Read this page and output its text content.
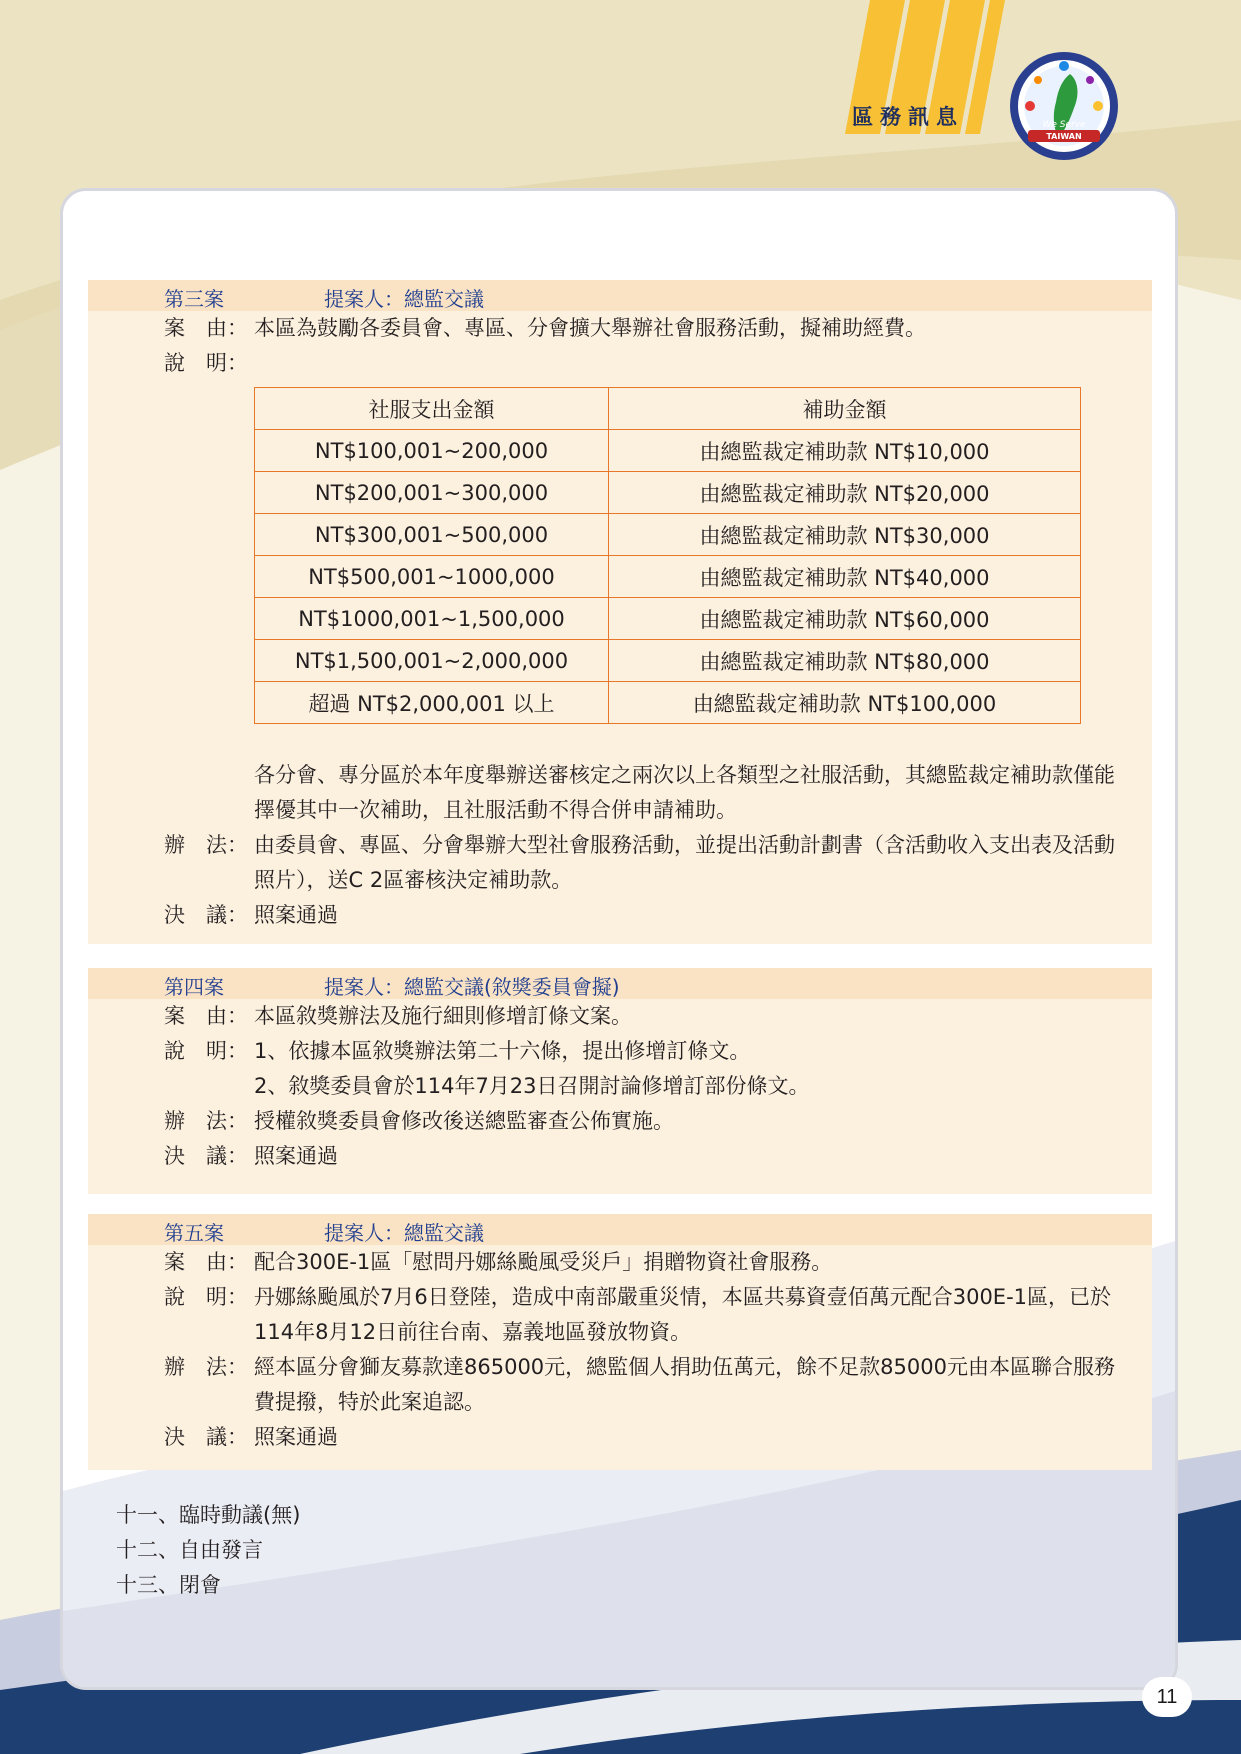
區務訊息
TAIWAN
We Serve
第三案	提案人：總監交議
案　由： 本區為鼓勵各委員會、專區、分會擴大舉辦社會服務活動，擬補助經費。
說　明：

社服支出金額	補助金額
NT$100,001~200,000	由總監裁定補助款 NT$10,000
NT$200,001~300,000	由總監裁定補助款 NT$20,000
NT$300,001~500,000	由總監裁定補助款 NT$30,000
NT$500,001~1000,000	由總監裁定補助款 NT$40,000
NT$1000,001~1,500,000	由總監裁定補助款 NT$60,000
NT$1,500,001~2,000,000	由總監裁定補助款 NT$80,000
超過 NT$2,000,001 以上	由總監裁定補助款 NT$100,000
各分會、專分區於本年度舉辦送審核定之兩次以上各類型之社服活動，其總監裁定補助款僅能擇優其中一次補助，且社服活動不得合併申請補助。
辦　法： 由委員會、專區、分會舉辦大型社會服務活動，並提出活動計劃書（含活動收入支出表及活動照片），送C 2區審核決定補助款。
決　議： 照案通過
第四案	提案人：總監交議(敘獎委員會擬)
案　由： 本區敘獎辦法及施行細則修增訂條文案。
說　明： 1、依據本區敘獎辦法第二十六條，提出修增訂條文。
2、敘獎委員會於114年7月23日召開討論修增訂部份條文。
辦　法： 授權敘獎委員會修改後送總監審查公佈實施。
決　議： 照案通過
第五案	提案人：總監交議
案　由： 配合300E-1區「慰問丹娜絲颱風受災戶」捐贈物資社會服務。
說　明： 丹娜絲颱風於7月6日登陸，造成中南部嚴重災情，本區共募資壹佰萬元配合300E-1區，已於114年8月12日前往台南、嘉義地區發放物資。
辦　法： 經本區分會獅友募款達865000元，總監個人捐助伍萬元，餘不足款85000元由本區聯合服務費提撥，特於此案追認。
決　議： 照案通過
十一、臨時動議(無)
十二、自由發言
十三、閉會
11
